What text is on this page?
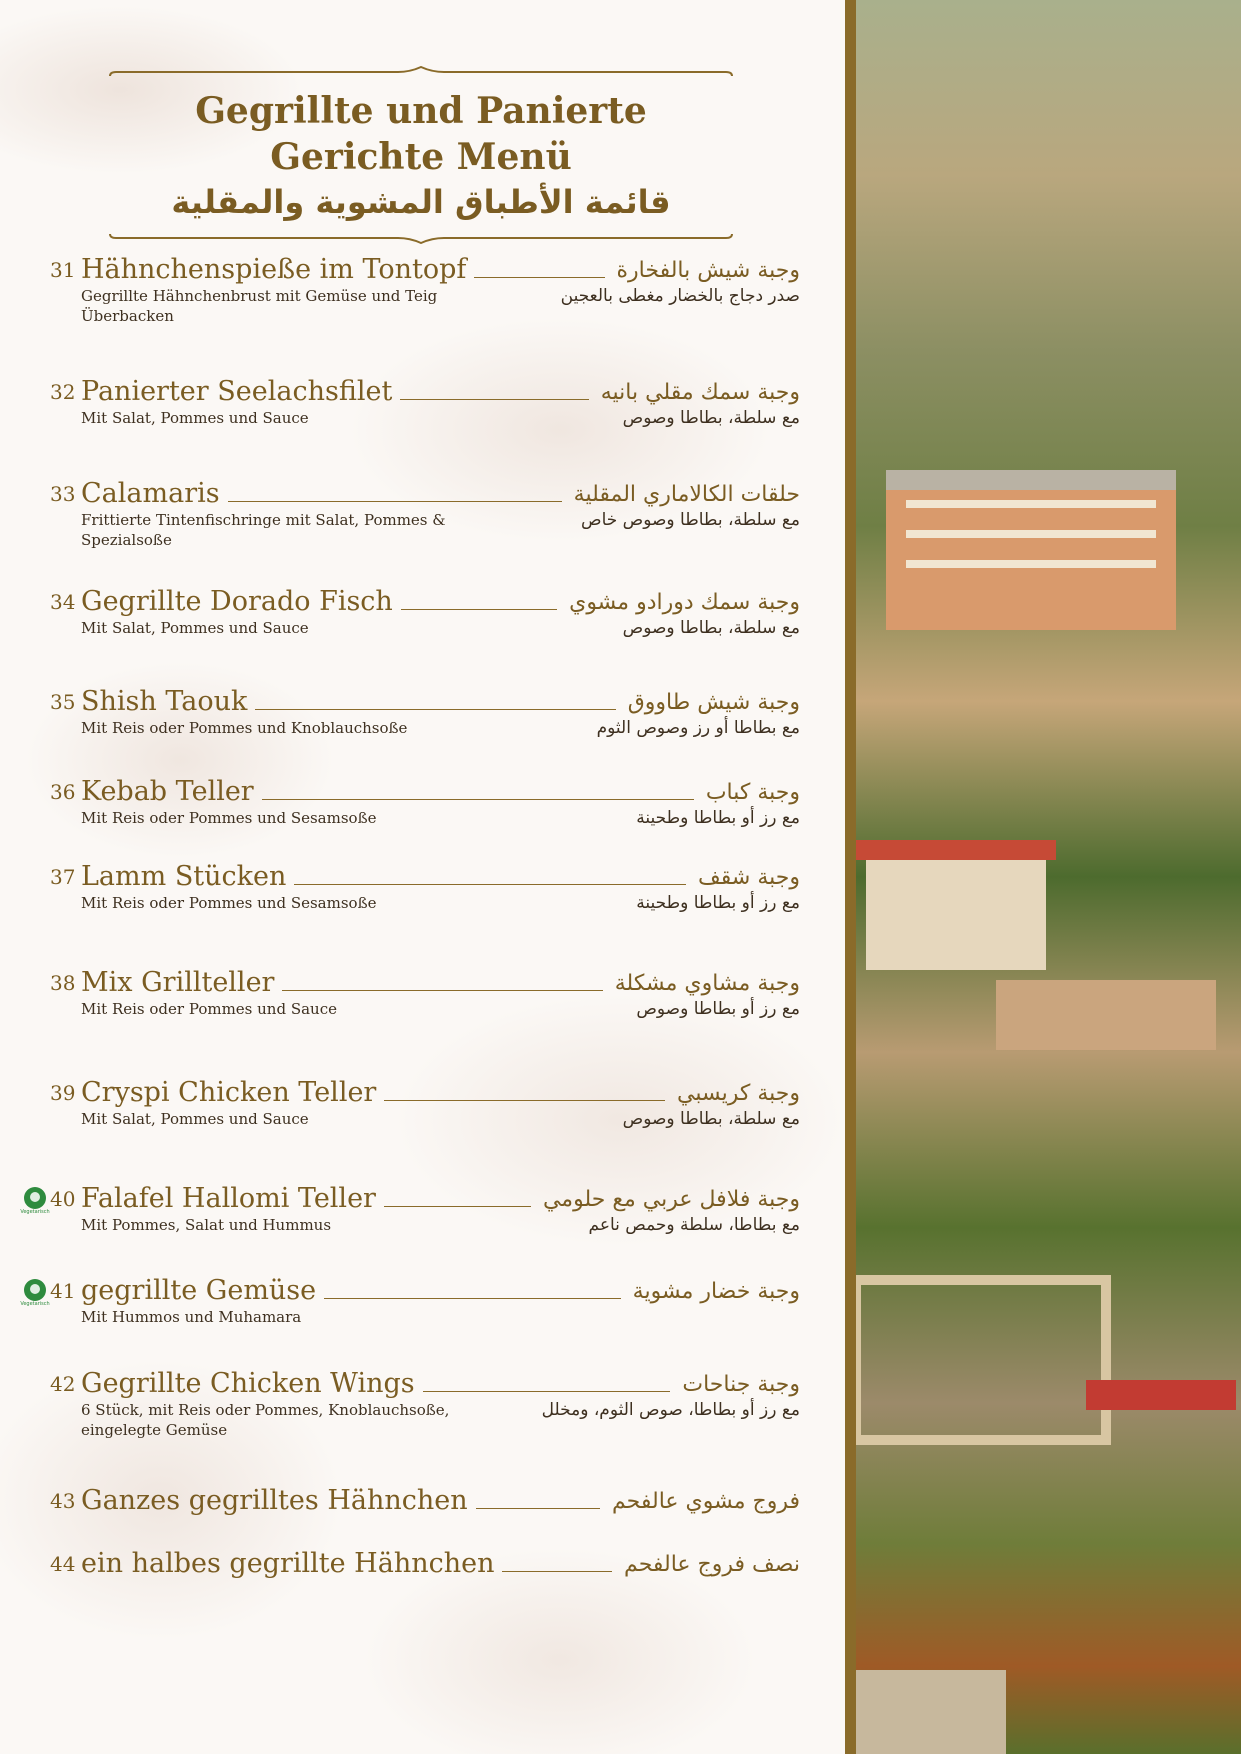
Gegrillte und Panierte Gerichte Menü
قائمة الأطباق المشوية والمقلية
31 Hähnchenspieße im Tontopf	وجبة شيش بالفخارة
Gegrillte Hähnchenbrust mit Gemüse und Teig Überbacken
صدر دجاج بالخضار مغطى بالعجين
32 Panierter Seelachsfilet	وجبة سمك مقلي بانيه
Mit Salat, Pommes und Sauce	مع سلطة، بطاطا وصوص
33 Calamaris	حلقات الكالاماري المقلية
Frittierte Tintenfischringe mit Salat, Pommes & Spezialsoße
مع سلطة، بطاطا وصوص خاص
34 Gegrillte Dorado Fisch	وجبة سمك دورادو مشوي
Mit Salat, Pommes und Sauce	مع سلطة، بطاطا وصوص
35 Shish Taouk	وجبة شيش طاووق
Mit Reis oder Pommes und Knoblauchsoße	مع بطاطا أو رز وصوص الثوم
36 Kebab Teller	وجبة كباب
Mit Reis oder Pommes und Sesamsoße	مع رز أو بطاطا وطحينة
37 Lamm Stücken	وجبة شقف
Mit Reis oder Pommes und Sesamsoße	مع رز أو بطاطا وطحينة
38 Mix Grillteller	وجبة مشاوي مشكلة
Mit Reis oder Pommes und Sauce	مع رز أو بطاطا وصوص
39 Cryspi Chicken Teller	وجبة كريسبي
Mit Salat, Pommes und Sauce	مع سلطة، بطاطا وصوص
Vegetarisch
40 Falafel Hallomi Teller	وجبة فلافل عربي مع حلومي
Mit Pommes, Salat und Hummus	مع بطاطا، سلطة وحمص ناعم
Vegetarisch
41 gegrillte Gemüse	وجبة خضار مشوية
Mit Hummos und Muhamara
42 Gegrillte Chicken Wings	وجبة جناحات
6 Stück, mit Reis oder Pommes, Knoblauchsoße, eingelegte Gemüse
مع رز أو بطاطا، صوص الثوم، ومخلل
43 Ganzes gegrilltes Hähnchen	فروج مشوي عالفحم
44 ein halbes gegrillte Hähnchen	نصف فروج عالفحم
